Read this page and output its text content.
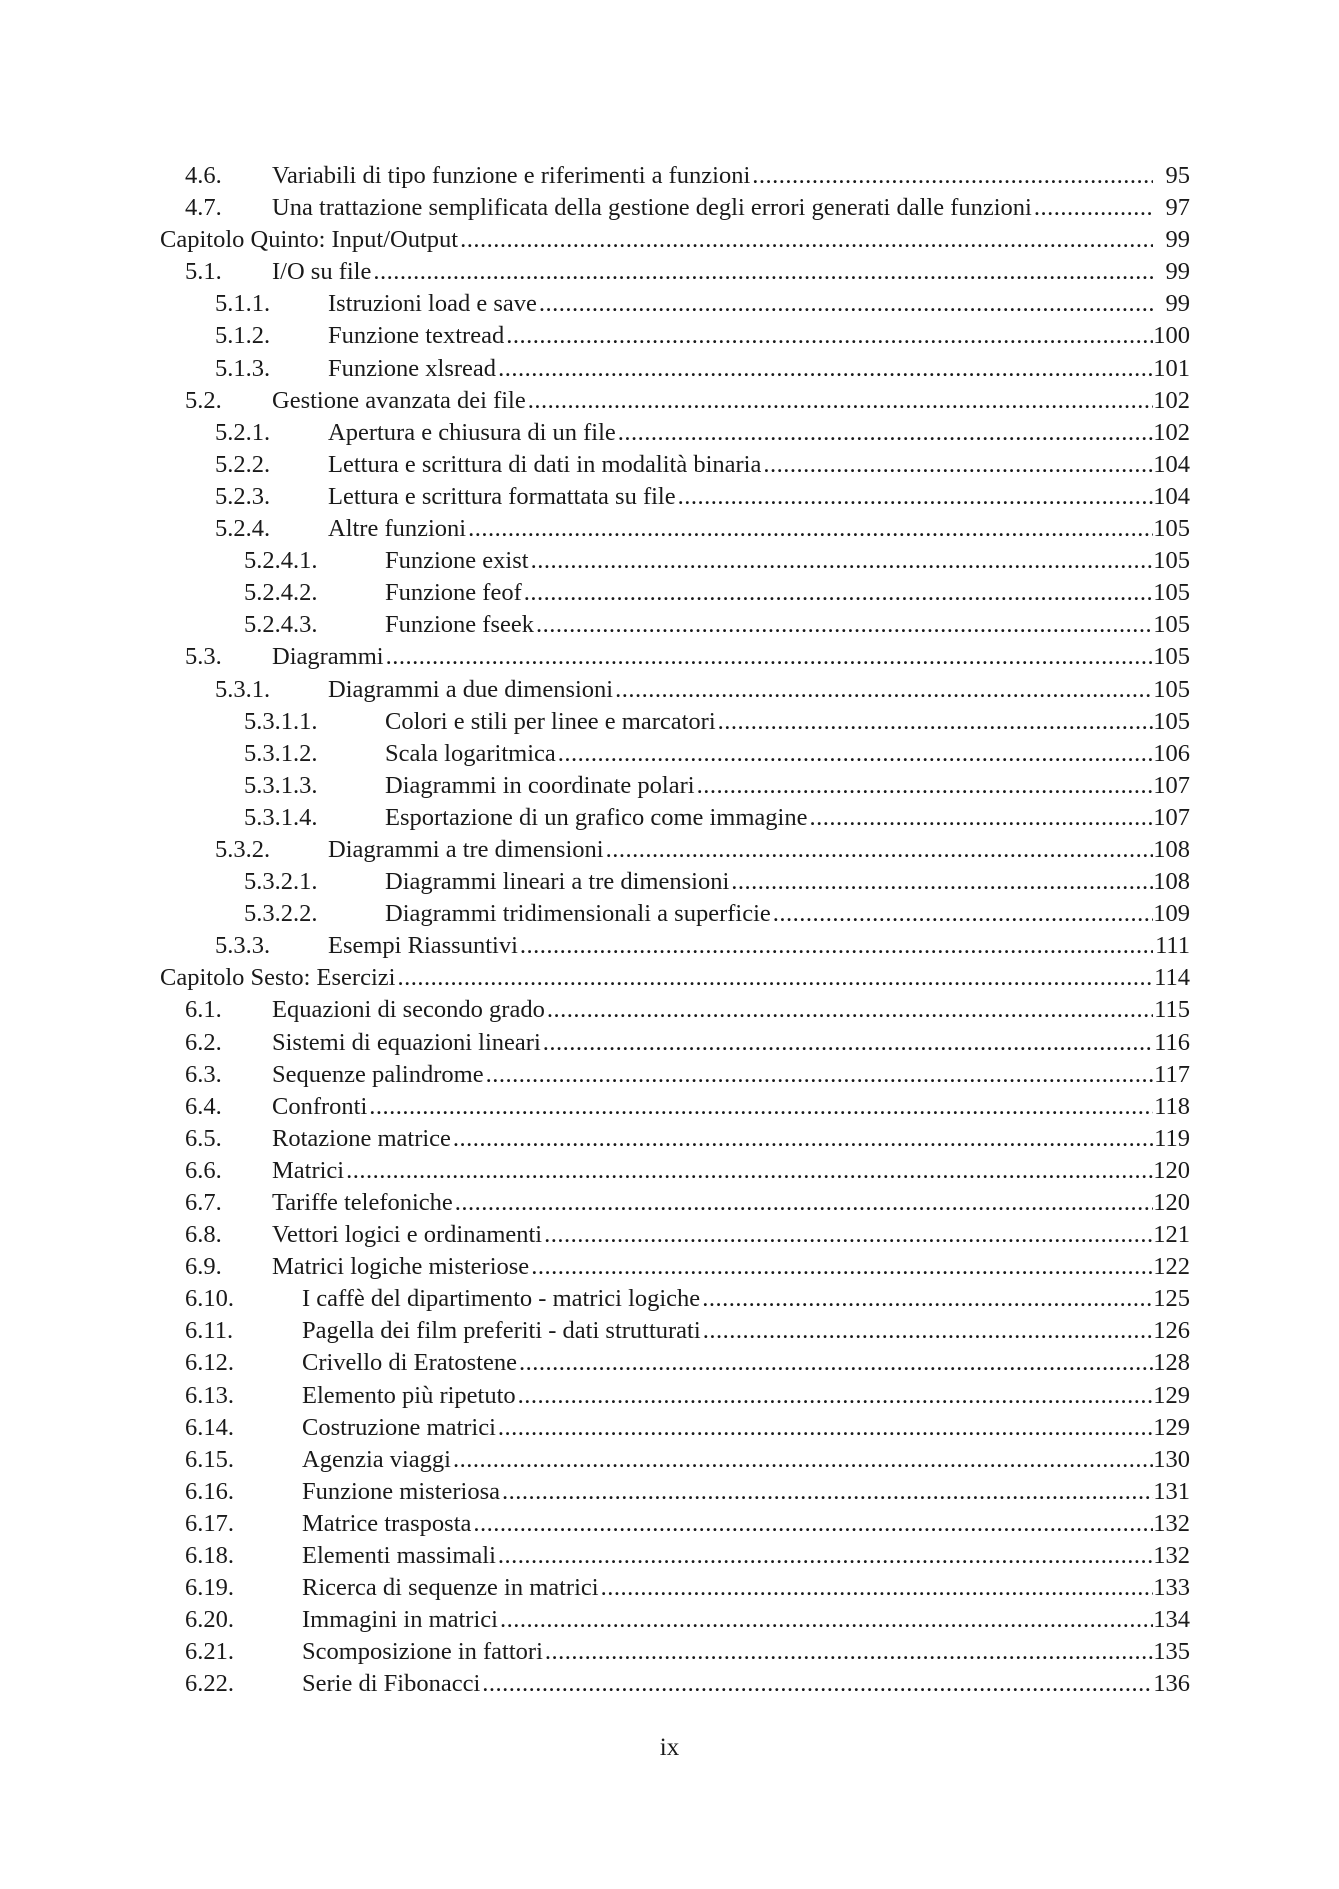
4.6. Variabili di tipo funzione e riferimenti a funzioni .....	95
4.7. Una trattazione semplificata della gestione degli errori generati dalle funzioni .....	97
Capitolo Quinto: Input/Output .....	99
5.1. I/O su file .....	99
5.1.1. Istruzioni load e save .....	99
5.1.2. Funzione textread .....	100
5.1.3. Funzione xlsread .....	101
5.2. Gestione avanzata dei file .....	102
5.2.1. Apertura e chiusura di un file .....	102
5.2.2. Lettura e scrittura di dati in modalità binaria .....	104
5.2.3. Lettura e scrittura formattata su file .....	104
5.2.4. Altre funzioni .....	105
5.2.4.1.	Funzione exist .....	105
5.2.4.2.	Funzione feof .....	105
5.2.4.3.	Funzione fseek .....	105
5.3. Diagrammi .....	105
5.3.1. Diagrammi a due dimensioni .....	105
5.3.1.1.	Colori e stili per linee e marcatori .....	105
5.3.1.2.	Scala logaritmica .....	106
5.3.1.3.	Diagrammi in coordinate polari .....	107
5.3.1.4.	Esportazione di un grafico come immagine .....	107
5.3.2. Diagrammi a tre dimensioni .....	108
5.3.2.1.	Diagrammi lineari a tre dimensioni .....	108
5.3.2.2.	Diagrammi tridimensionali a superficie .....	109
5.3.3. Esempi Riassuntivi .....	111
Capitolo Sesto: Esercizi .....	114
6.1. Equazioni di secondo grado .....	115
6.2. Sistemi di equazioni lineari .....	116
6.3. Sequenze palindrome .....	117
6.4. Confronti .....	118
6.5. Rotazione matrice .....	119
6.6. Matrici .....	120
6.7. Tariffe telefoniche .....	120
6.8. Vettori logici e ordinamenti .....	121
6.9. Matrici logiche misteriose .....	122
6.10.	I caffè del dipartimento - matrici logiche .....	125
6.11.	Pagella dei film preferiti - dati strutturati .....	126
6.12.	Crivello di Eratostene .....	128
6.13.	Elemento più ripetuto .....	129
6.14.	Costruzione matrici .....	129
6.15.	Agenzia viaggi .....	130
6.16.	Funzione misteriosa .....	131
6.17.	Matrice trasposta .....	132
6.18.	Elementi massimali .....	132
6.19.	Ricerca di sequenze in matrici .....	133
6.20.	Immagini in matrici .....	134
6.21.	Scomposizione in fattori .....	135
6.22.	Serie di Fibonacci .....	136
ix
